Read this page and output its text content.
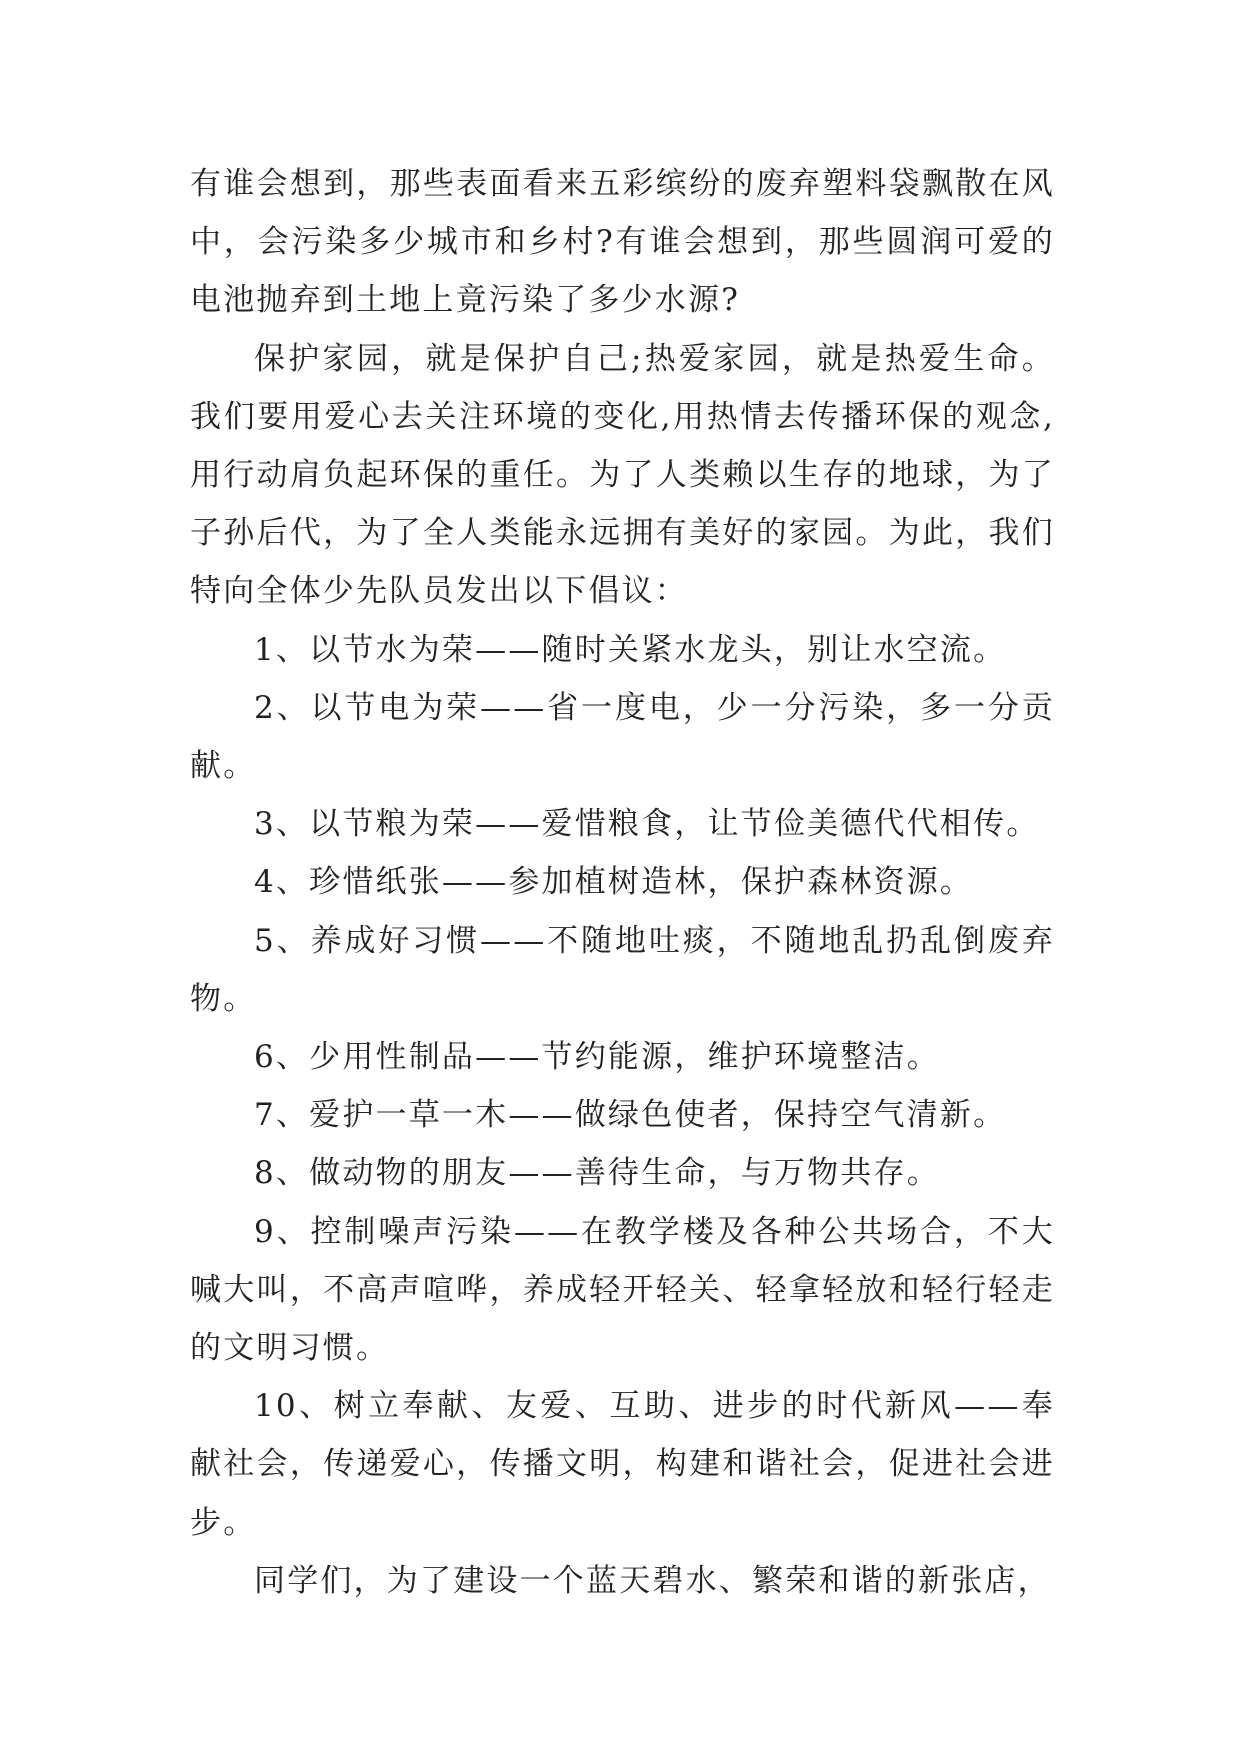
有谁会想到，那些表面看来五彩缤纷的废弃塑料袋飘散在风中，会污染多少城市和乡村?有谁会想到，那些圆润可爱的电池抛弃到土地上竟污染了多少水源?

保护家园，就是保护自己;热爱家园，就是热爱生命。我们要用爱心去关注环境的变化,用热情去传播环保的观念,用行动肩负起环保的重任。为了人类赖以生存的地球，为了子孙后代，为了全人类能永远拥有美好的家园。为此，我们特向全体少先队员发出以下倡议：

1、以节水为荣——随时关紧水龙头，别让水空流。

2、以节电为荣——省一度电，少一分污染，多一分贡献。

3、以节粮为荣——爱惜粮食，让节俭美德代代相传。

4、珍惜纸张——参加植树造林，保护森林资源。

5、养成好习惯——不随地吐痰，不随地乱扔乱倒废弃物。

6、少用性制品——节约能源，维护环境整洁。

7、爱护一草一木——做绿色使者，保持空气清新。

8、做动物的朋友——善待生命，与万物共存。

9、控制噪声污染——在教学楼及各种公共场合，不大喊大叫，不高声喧哗，养成轻开轻关、轻拿轻放和轻行轻走的文明习惯。

10、树立奉献、友爱、互助、进步的时代新风——奉献社会，传递爱心，传播文明，构建和谐社会，促进社会进步。

同学们，为了建设一个蓝天碧水、繁荣和谐的新张店，
